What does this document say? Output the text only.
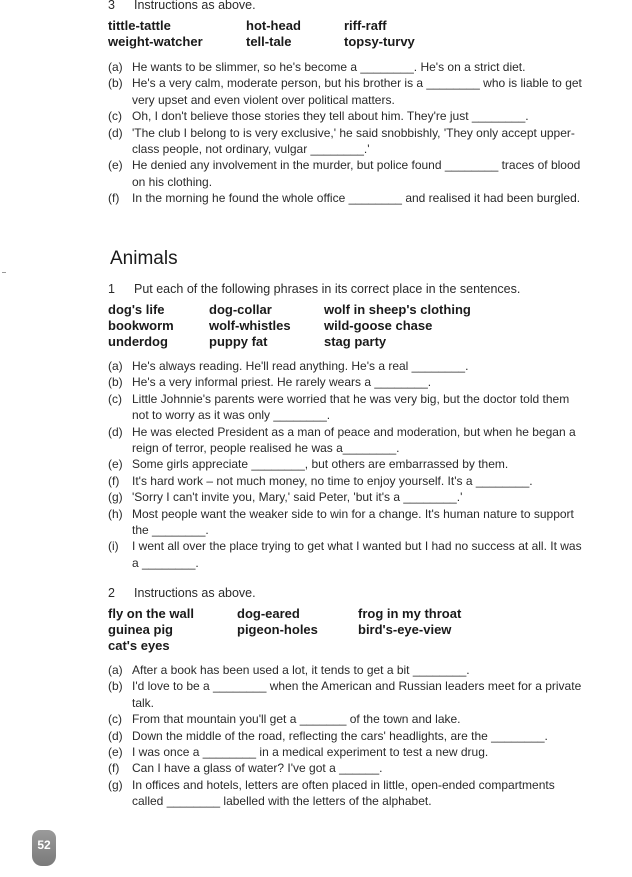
3 Instructions as above.
tittle-tattle	hot-head	riff-raff
weight-watcher	tell-tale	topsy-turvy
(a) He wants to be slimmer, so he's become a ________. He's on a strict diet.
(b) He's a very calm, moderate person, but his brother is a ________ who is liable to get very upset and even violent over political matters.
(c) Oh, I don't believe those stories they tell about him. They're just ________.
(d) 'The club I belong to is very exclusive,' he said snobbishly, 'They only accept upper-class people, not ordinary, vulgar ________.'
(e) He denied any involvement in the murder, but police found ________ traces of blood on his clothing.
(f) In the morning he found the whole office ________ and realised it had been burgled.
Animals
1 Put each of the following phrases in its correct place in the sentences.
dog's life	dog-collar	wolf in sheep's clothing
bookworm	wolf-whistles	wild-goose chase
underdog	puppy fat	stag party
(a) He's always reading. He'll read anything. He's a real ________.
(b) He's a very informal priest. He rarely wears a ________.
(c) Little Johnnie's parents were worried that he was very big, but the doctor told them not to worry as it was only ________.
(d) He was elected President as a man of peace and moderation, but when he began a reign of terror, people realised he was a________.
(e) Some girls appreciate ________, but others are embarrassed by them.
(f) It's hard work – not much money, no time to enjoy yourself. It's a ________.
(g) 'Sorry I can't invite you, Mary,' said Peter, 'but it's a ________.'
(h) Most people want the weaker side to win for a change. It's human nature to support the ________.
(i) I went all over the place trying to get what I wanted but I had no success at all. It was a ________.
2 Instructions as above.
fly on the wall	dog-eared	frog in my throat
guinea pig	pigeon-holes	bird's-eye-view
cat's eyes
(a) After a book has been used a lot, it tends to get a bit ________.
(b) I'd love to be a ________ when the American and Russian leaders meet for a private talk.
(c) From that mountain you'll get a _______ of the town and lake.
(d) Down the middle of the road, reflecting the cars' headlights, are the ________.
(e) I was once a ________ in a medical experiment to test a new drug.
(f) Can I have a glass of water? I've got a ______.
(g) In offices and hotels, letters are often placed in little, open-ended compartments called ________ labelled with the letters of the alphabet.
52
